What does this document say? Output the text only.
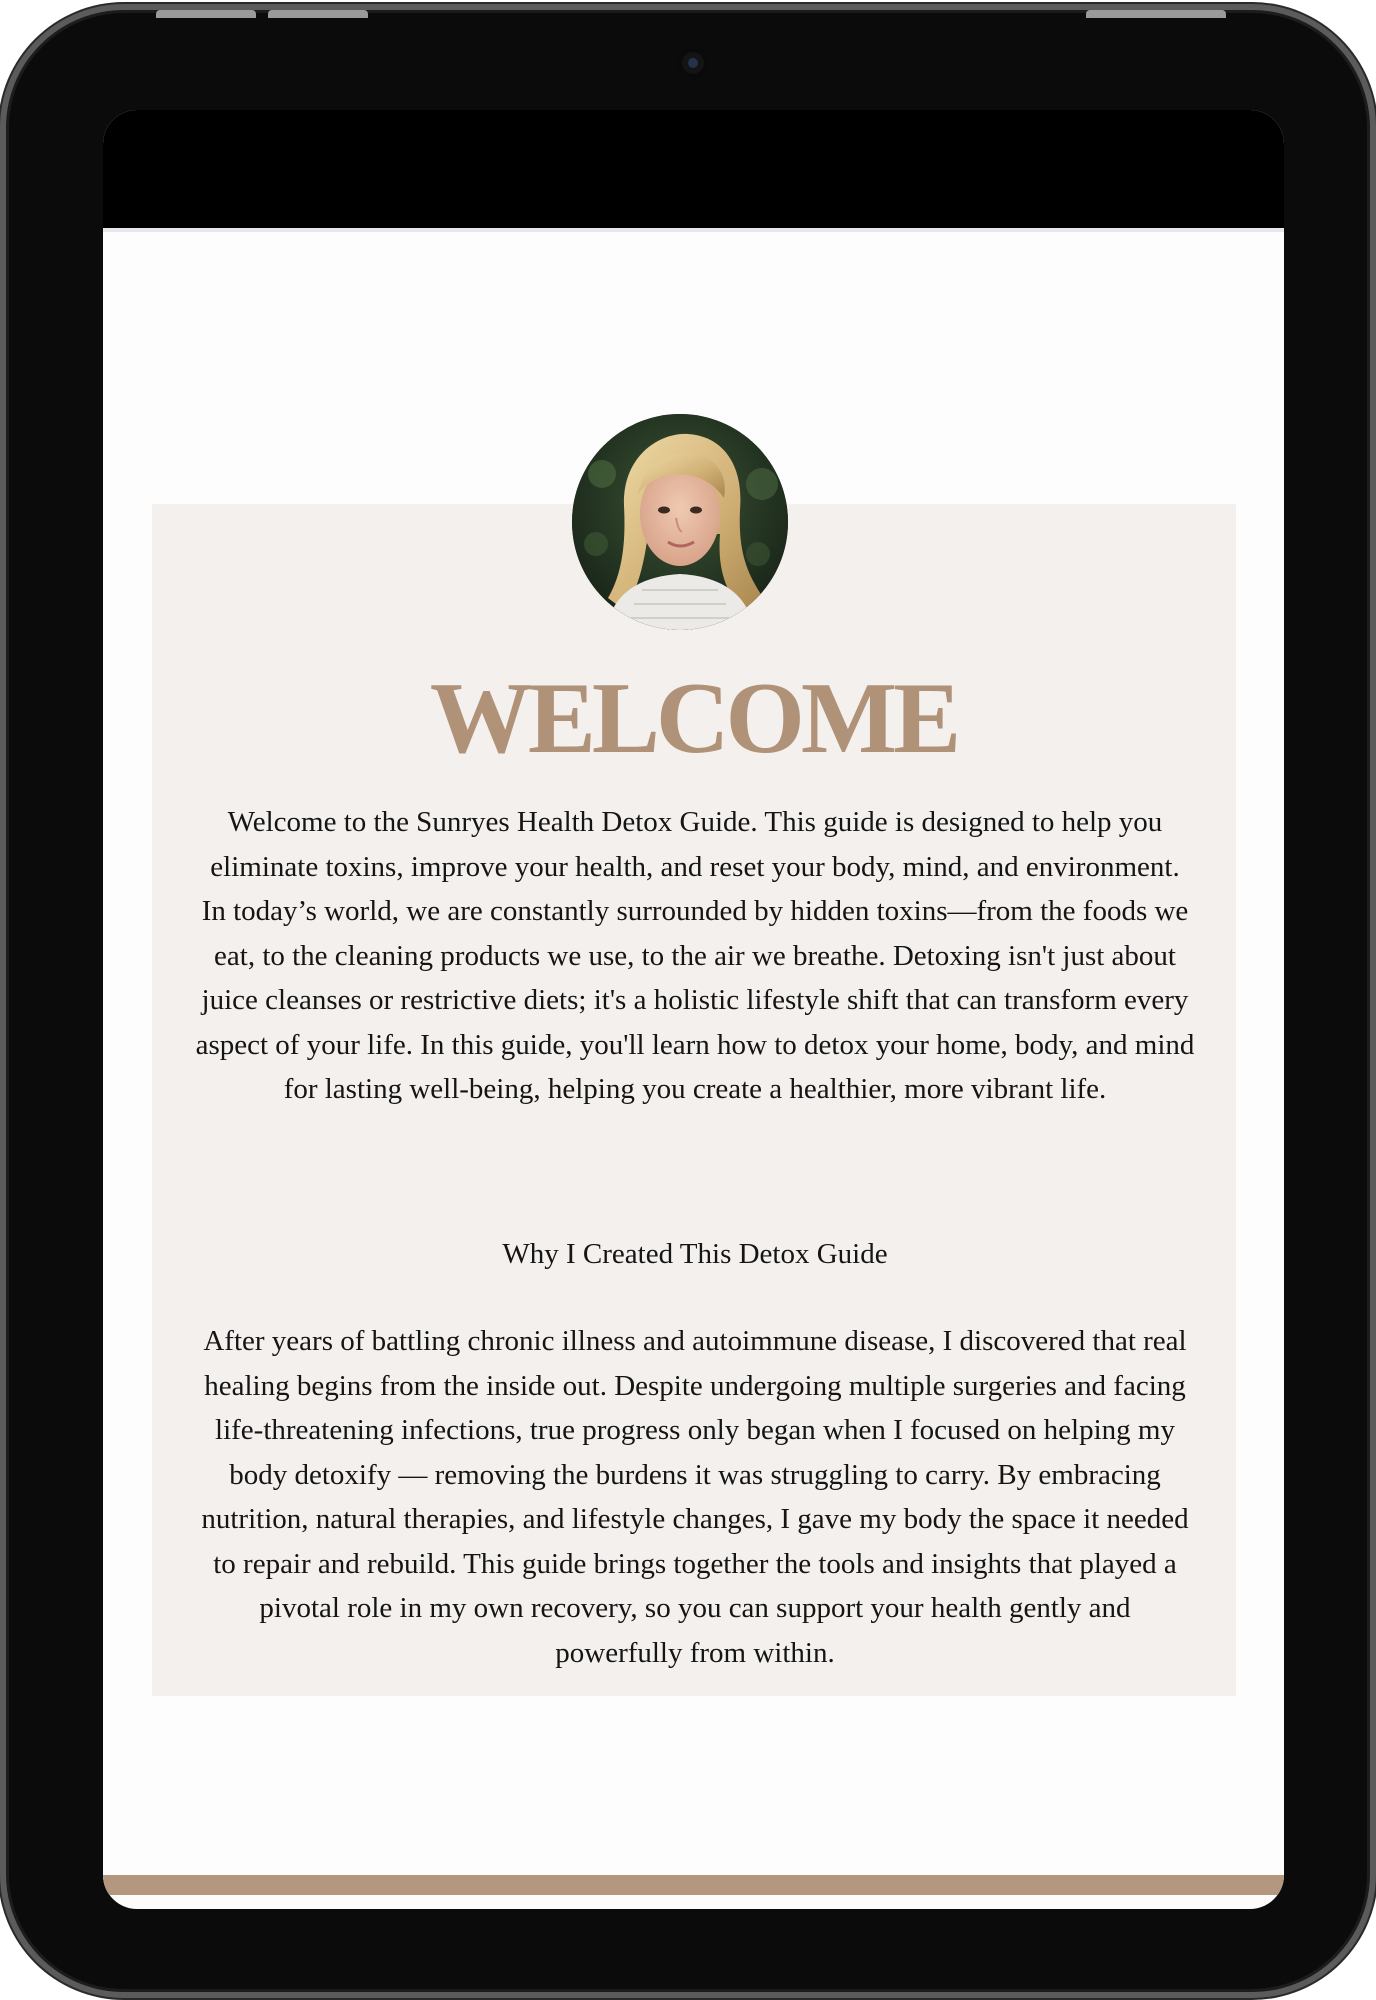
WELCOME

Welcome to the Sunryes Health Detox Guide. This guide is designed to help you eliminate toxins, improve your health, and reset your body, mind, and environment. In today’s world, we are constantly surrounded by hidden toxins—from the foods we eat, to the cleaning products we use, to the air we breathe. Detoxing isn't just about juice cleanses or restrictive diets; it's a holistic lifestyle shift that can transform every aspect of your life. In this guide, you'll learn how to detox your home, body, and mind for lasting well-being, helping you create a healthier, more vibrant life.

Why I Created This Detox Guide

After years of battling chronic illness and autoimmune disease, I discovered that real healing begins from the inside out. Despite undergoing multiple surgeries and facing life-threatening infections, true progress only began when I focused on helping my body detoxify — removing the burdens it was struggling to carry. By embracing nutrition, natural therapies, and lifestyle changes, I gave my body the space it needed to repair and rebuild. This guide brings together the tools and insights that played a pivotal role in my own recovery, so you can support your health gently and powerfully from within.
